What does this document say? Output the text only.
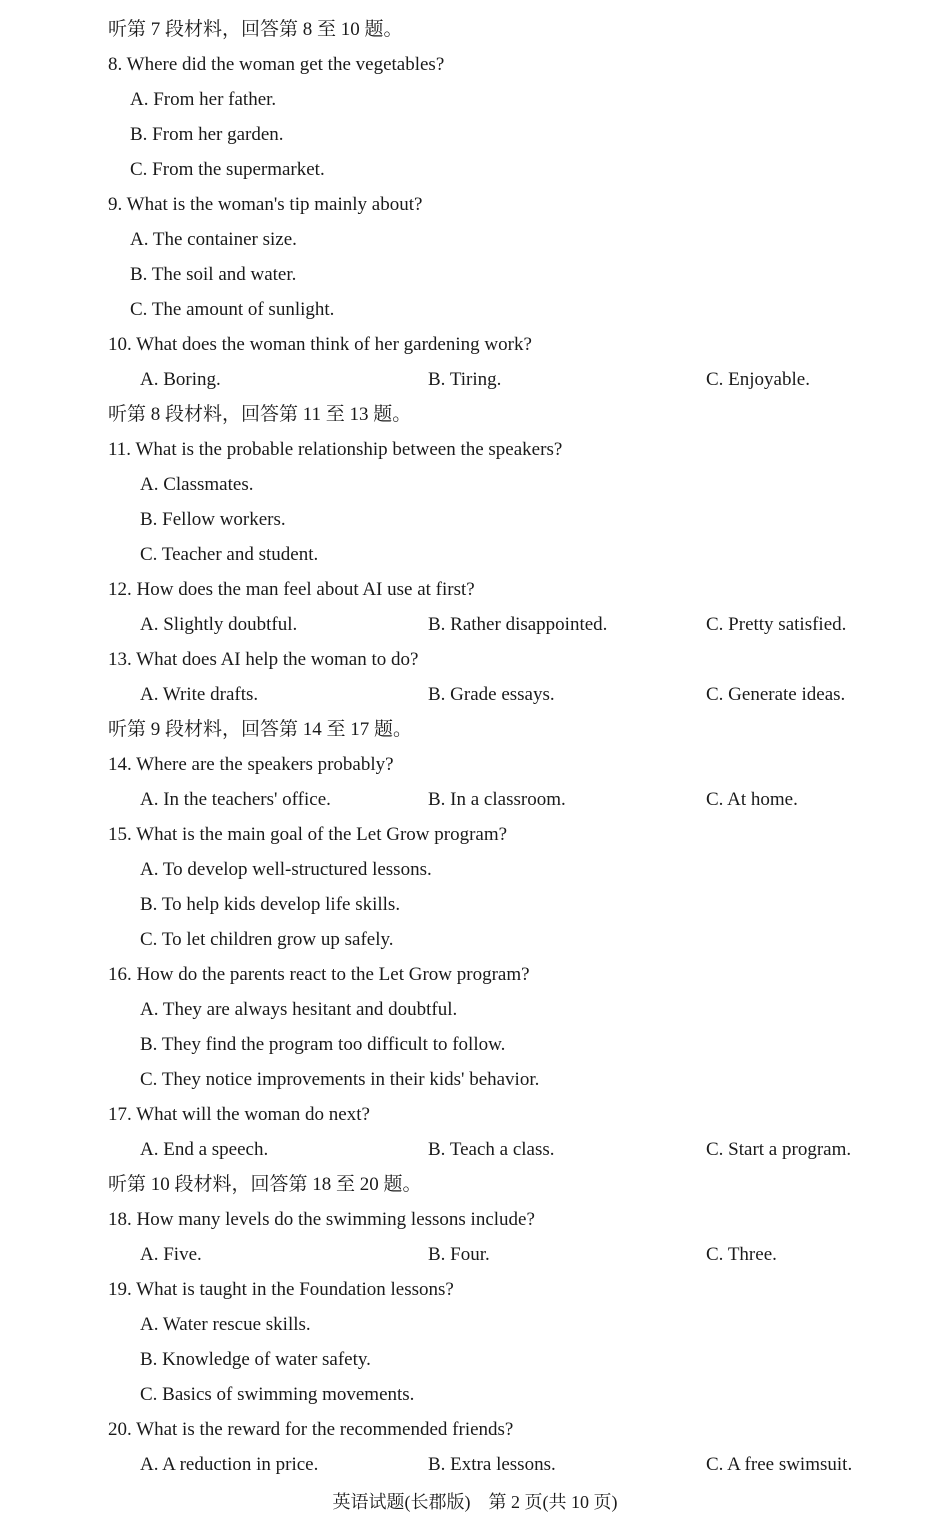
听第 7 段材料，回答第 8 至 10 题。
8. Where did the woman get the vegetables?
A. From her father.
B. From her garden.
C. From the supermarket.
9. What is the woman's tip mainly about?
A. The container size.
B. The soil and water.
C. The amount of sunlight.
10. What does the woman think of her gardening work?
A. Boring.	B. Tiring.	C. Enjoyable.
听第 8 段材料，回答第 11 至 13 题。
11. What is the probable relationship between the speakers?
A. Classmates.
B. Fellow workers.
C. Teacher and student.
12. How does the man feel about AI use at first?
A. Slightly doubtful.	B. Rather disappointed.	C. Pretty satisfied.
13. What does AI help the woman to do?
A. Write drafts.	B. Grade essays.	C. Generate ideas.
听第 9 段材料，回答第 14 至 17 题。
14. Where are the speakers probably?
A. In the teachers' office.	B. In a classroom.	C. At home.
15. What is the main goal of the Let Grow program?
A. To develop well-structured lessons.
B. To help kids develop life skills.
C. To let children grow up safely.
16. How do the parents react to the Let Grow program?
A. They are always hesitant and doubtful.
B. They find the program too difficult to follow.
C. They notice improvements in their kids' behavior.
17. What will the woman do next?
A. End a speech.	B. Teach a class.	C. Start a program.
听第 10 段材料，回答第 18 至 20 题。
18. How many levels do the swimming lessons include?
A. Five.	B. Four.	C. Three.
19. What is taught in the Foundation lessons?
A. Water rescue skills.
B. Knowledge of water safety.
C. Basics of swimming movements.
20. What is the reward for the recommended friends?
A. A reduction in price.	B. Extra lessons.	C. A free swimsuit.
英语试题(长郡版)　第 2 页(共 10 页)
